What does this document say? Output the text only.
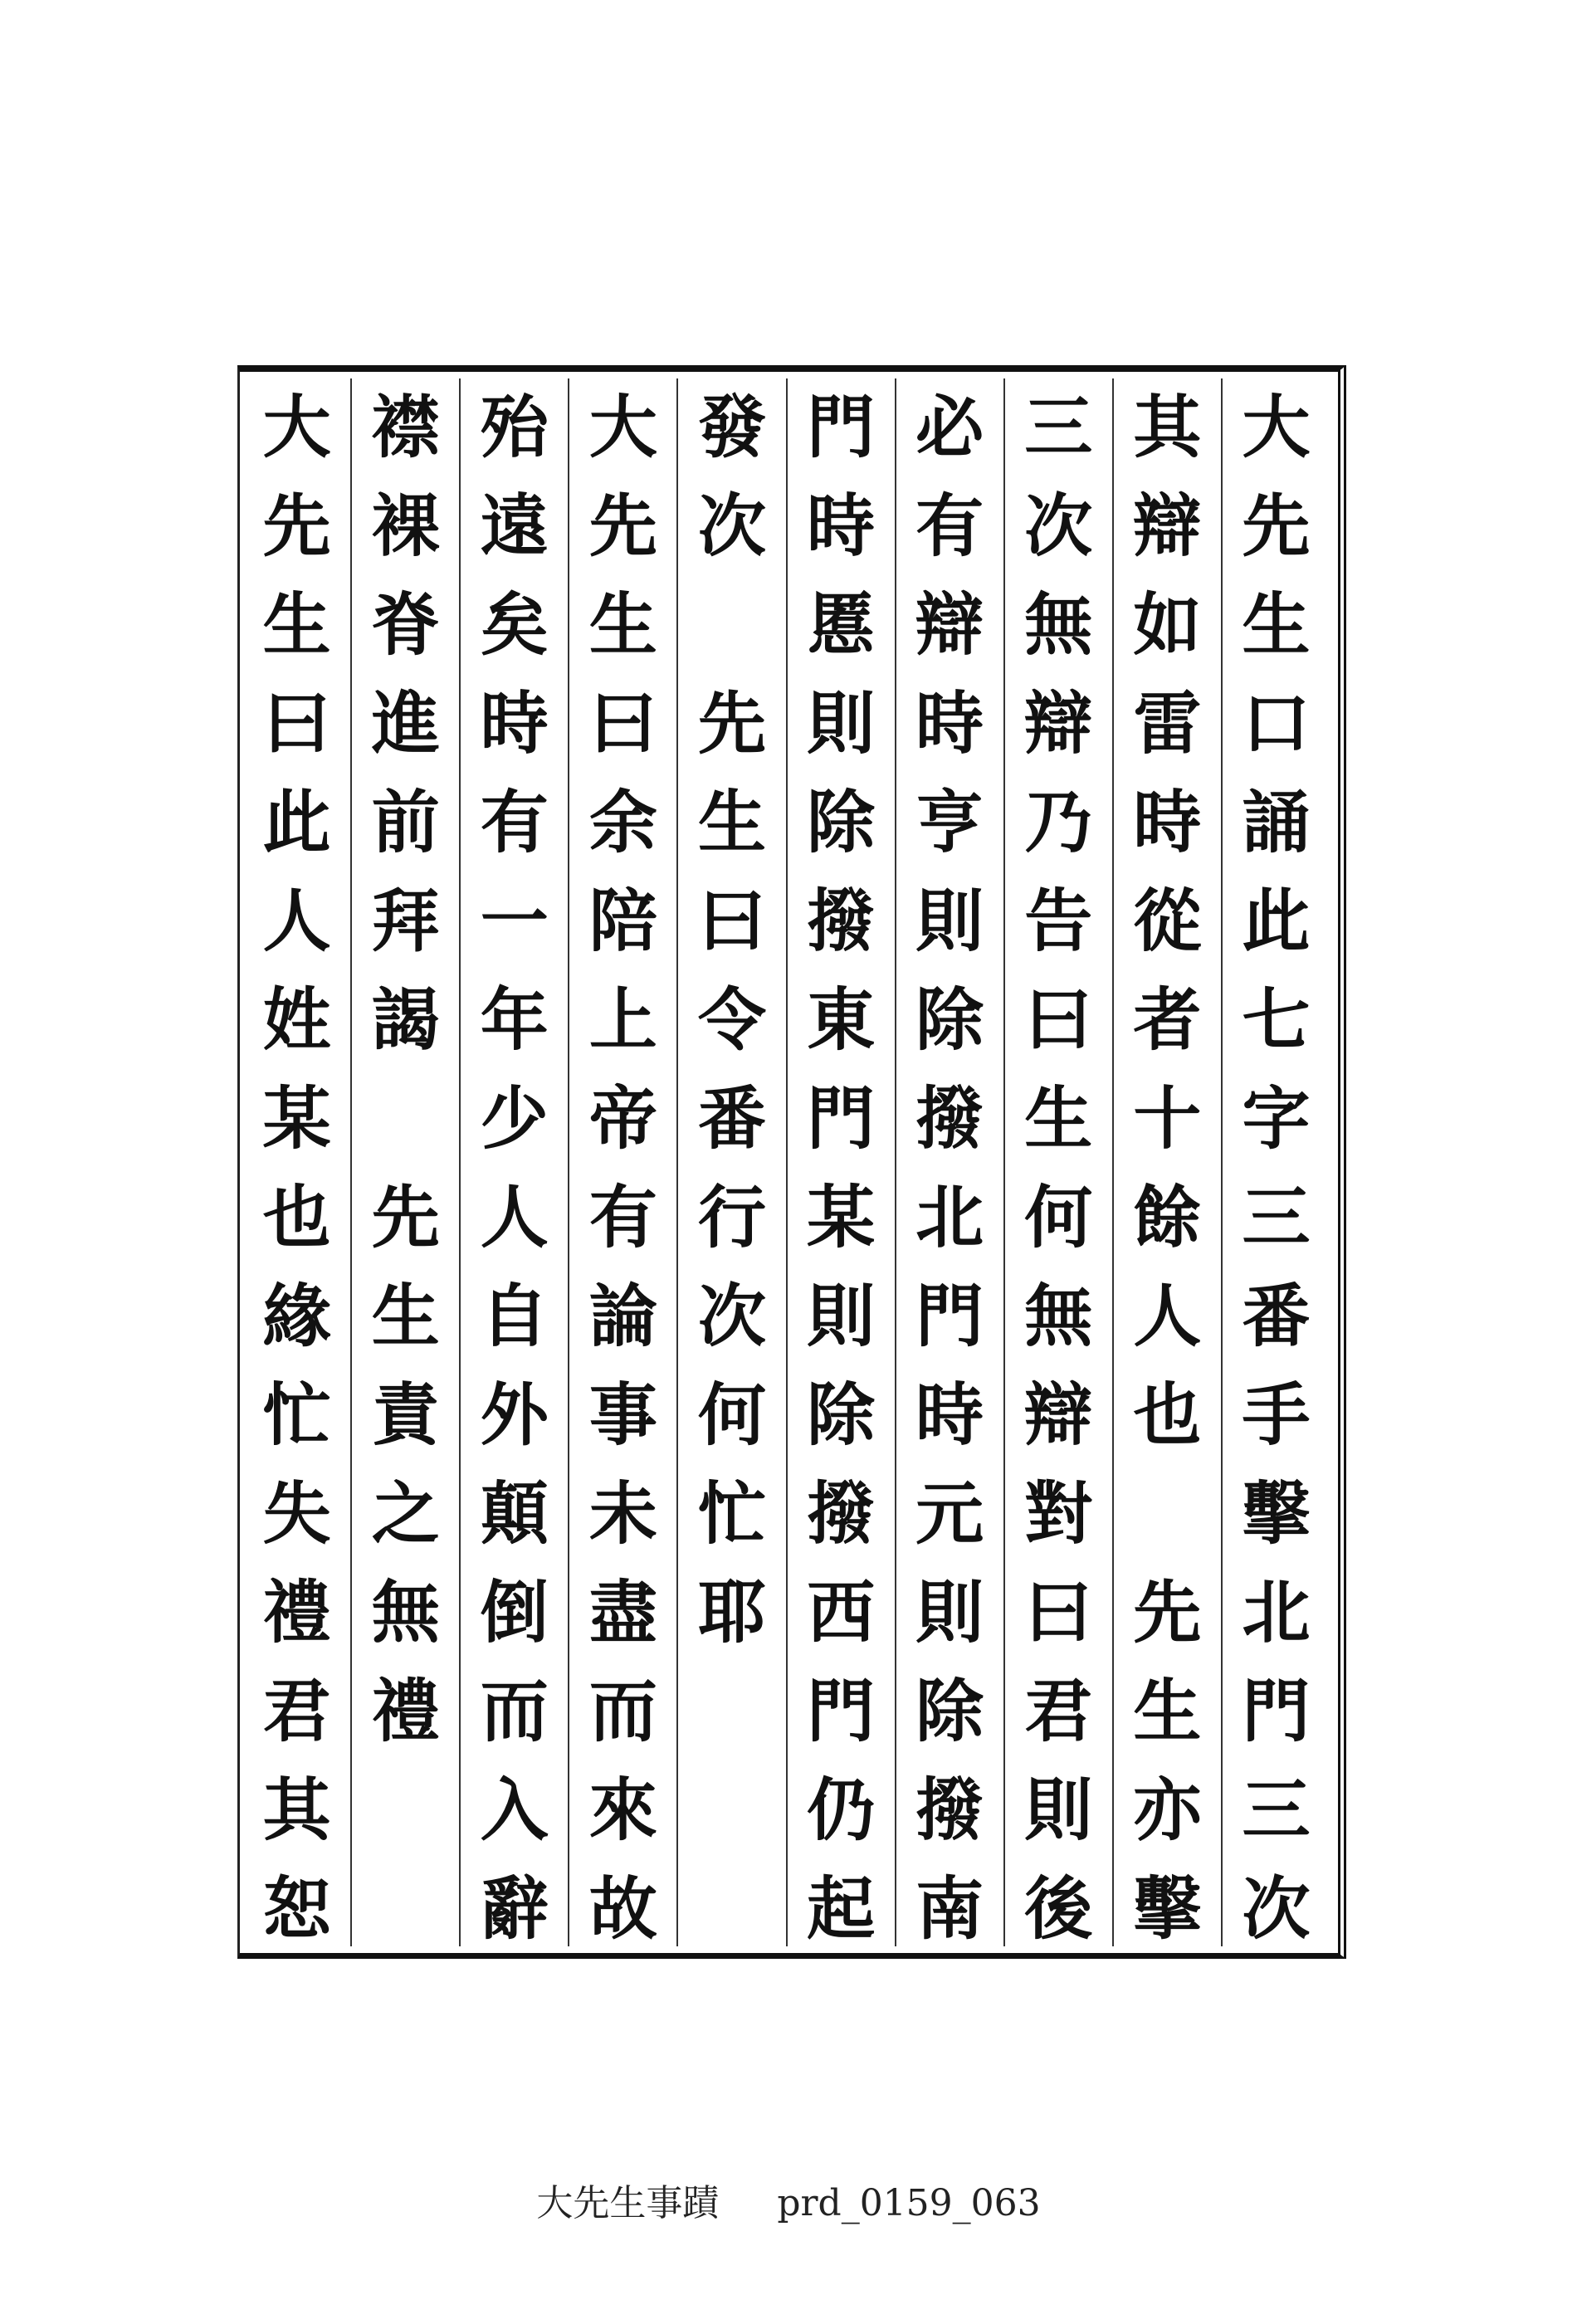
大
先
生
口
誦
此
七
字
三
番
手
擊
北
門
三
次
其
辯
如
雷
時
從
者
十
餘
人
也
先
生
亦
擊
三
次
無
辯
乃
告
曰
生
何
無
辯
對
曰
君
則
後
必
有
辯
時
亨
則
除
撥
北
門
時
元
則
除
撥
南
門
時
慝
則
除
撥
東
門
某
則
除
撥
西
門
仍
起
發
次
先
生
曰
令
番
行
次
何
忙
耶
大
先
生
曰
余
陪
上
帝
有
論
事
未
盡
而
來
故
殆
遠
矣
時
有
一
年
少
人
自
外
顛
倒
而
入
辭
襟
裸
脊
進
前
拜
謁
先
生
責
之
無
禮
大
先
生
曰
此
人
姓
某
也
緣
忙
失
禮
君
其
恕
大先生事蹟 prd_0159_063
